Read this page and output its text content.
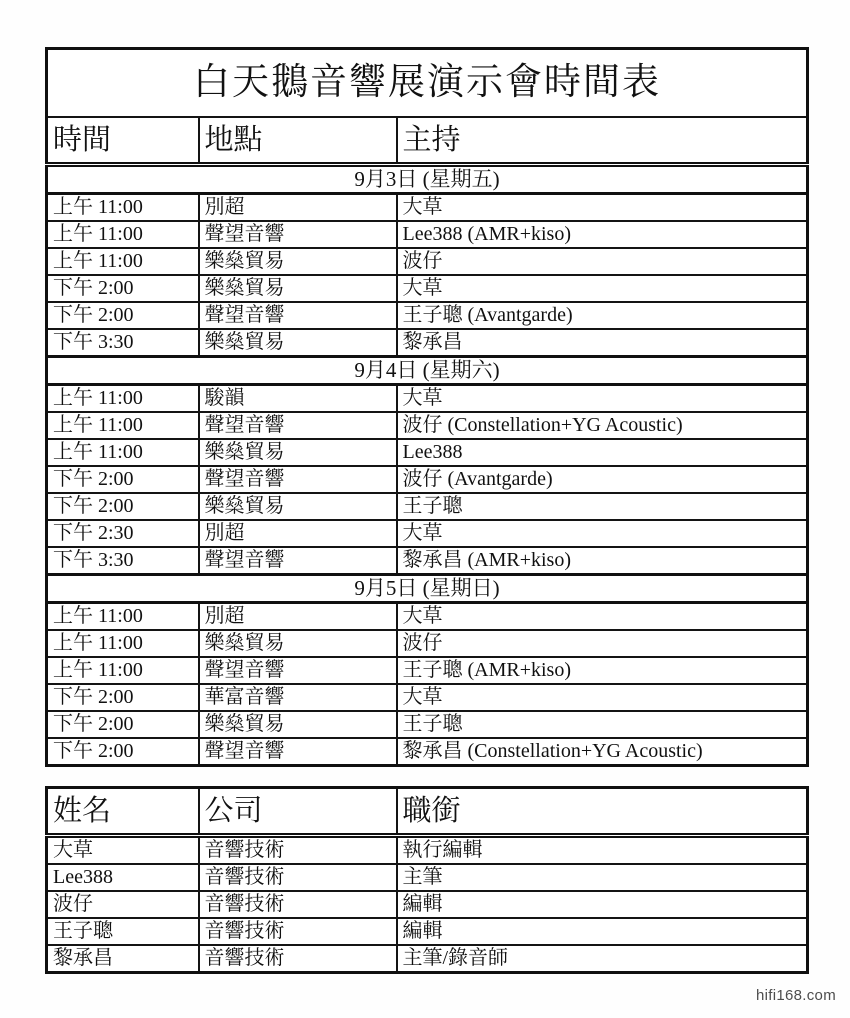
白天鵝音響展演示會時間表		
時間	地點	主持
9月3日 (星期五)		
上午 11:00	別超	大草
上午 11:00	聲望音響	Lee388 (AMR+kiso)
上午 11:00	樂燊貿易	波仔
下午 2:00	樂燊貿易	大草
下午 2:00	聲望音響	王子聰 (Avantgarde)
下午 3:30	樂燊貿易	黎承昌
9月4日 (星期六)		
上午 11:00	駿韻	大草
上午 11:00	聲望音響	波仔 (Constellation+YG Acoustic)
上午 11:00	樂燊貿易	Lee388
下午 2:00	聲望音響	波仔 (Avantgarde)
下午 2:00	樂燊貿易	王子聰
下午 2:30	別超	大草
下午 3:30	聲望音響	黎承昌 (AMR+kiso)
9月5日 (星期日)		
上午 11:00	別超	大草
上午 11:00	樂燊貿易	波仔
上午 11:00	聲望音響	王子聰 (AMR+kiso)
下午 2:00	華富音響	大草
下午 2:00	樂燊貿易	王子聰
下午 2:00	聲望音響	黎承昌 (Constellation+YG Acoustic)
姓名	公司	職銜
大草	音響技術	執行編輯
Lee388	音響技術	主筆
波仔	音響技術	編輯
王子聰	音響技術	編輯
黎承昌	音響技術	主筆/錄音師
hifi168.com
